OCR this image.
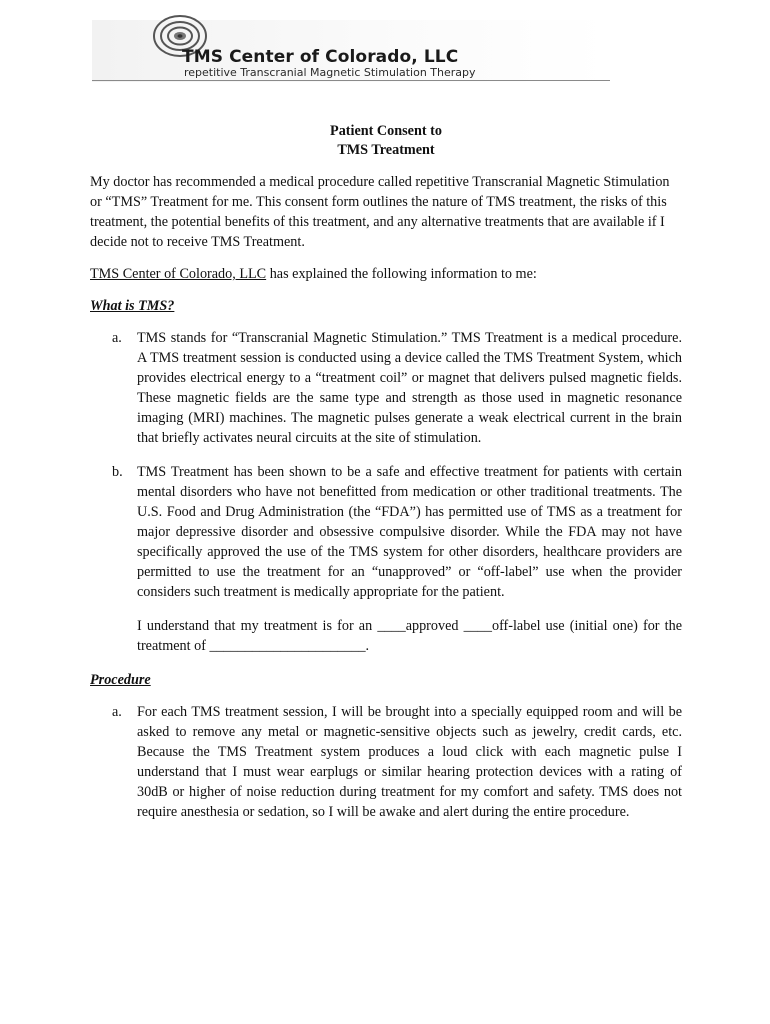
TMS Center of Colorado, LLC
repetitive Transcranial Magnetic Stimulation Therapy
Patient Consent to
TMS Treatment

My doctor has recommended a medical procedure called repetitive Transcranial Magnetic Stimulation or “TMS” Treatment for me. This consent form outlines the nature of TMS treatment, the risks of this treatment, the potential benefits of this treatment, and any alternative treatments that are available if I decide not to receive TMS Treatment.

TMS Center of Colorado, LLC has explained the following information to me:

What is TMS?
a.	TMS stands for “Transcranial Magnetic Stimulation.” TMS Treatment is a medical procedure. A TMS treatment session is conducted using a device called the TMS Treatment System, which provides electrical energy to a “treatment coil” or magnet that delivers pulsed magnetic fields. These magnetic fields are the same type and strength as those used in magnetic resonance imaging (MRI) machines. The magnetic pulses generate a weak electrical current in the brain that briefly activates neural circuits at the site of stimulation.
b.	TMS Treatment has been shown to be a safe and effective treatment for patients with certain mental disorders who have not benefitted from medication or other traditional treatments. The U.S. Food and Drug Administration (the “FDA”) has permitted use of TMS as a treatment for major depressive disorder and obsessive compulsive disorder. While the FDA may not have specifically approved the use of the TMS system for other disorders, healthcare providers are permitted to use the treatment for an “unapproved” or “off-label” use when the provider considers such treatment is medically appropriate for the patient.
I understand that my treatment is for an ____approved ____off-label use (initial one) for the treatment of ______________________.
Procedure
a.	For each TMS treatment session, I will be brought into a specially equipped room and will be asked to remove any metal or magnetic-sensitive objects such as jewelry, credit cards, etc. Because the TMS Treatment system produces a loud click with each magnetic pulse I understand that I must wear earplugs or similar hearing protection devices with a rating of 30dB or higher of noise reduction during treatment for my comfort and safety. TMS does not require anesthesia or sedation, so I will be awake and alert during the entire procedure.
